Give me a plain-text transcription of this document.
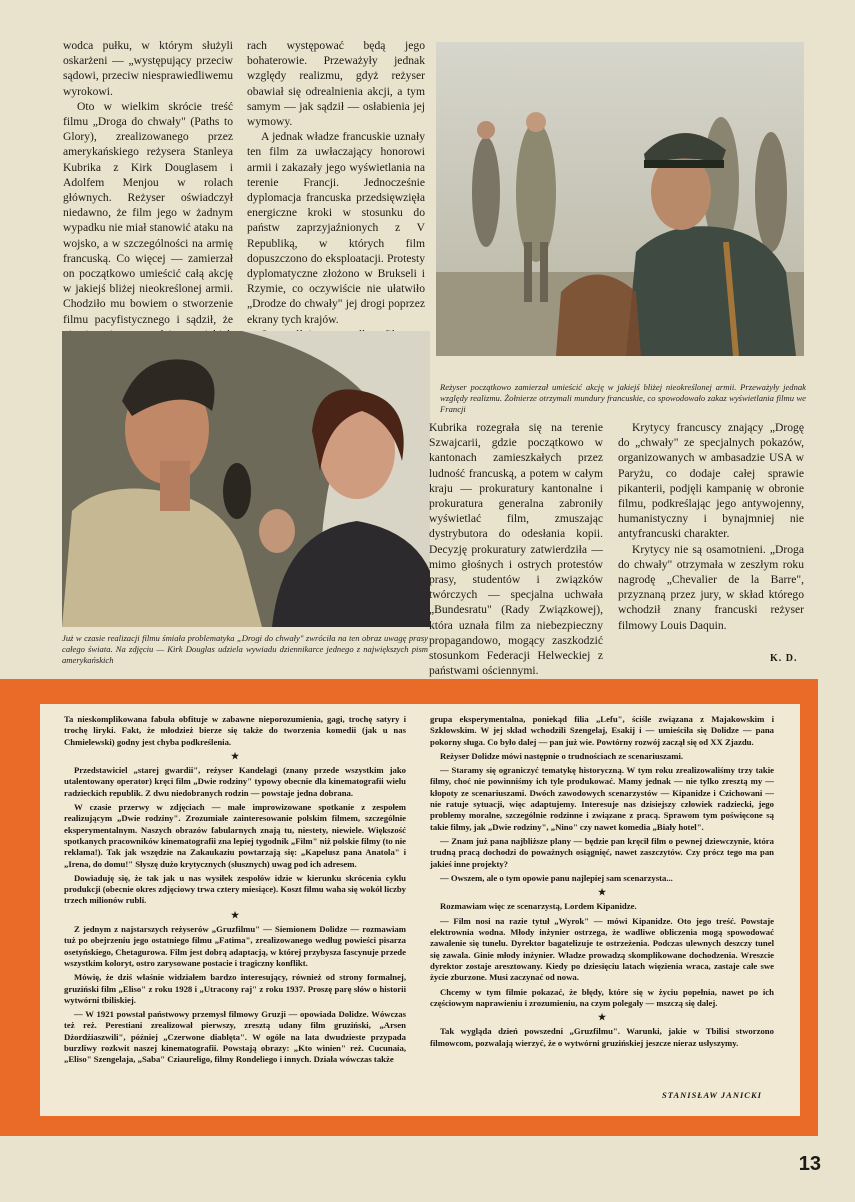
wodca pułku, w którym służyli oskarżeni — „występujący przeciw sądowi, przeciw niesprawiedliwemu wyrokowi.

Oto w wielkim skrócie treść filmu „Droga do chwały" (Paths to Glory), zrealizowanego przez amerykańskiego reżysera Stanleya Kubrika z Kirk Douglasem i Adolfem Menjou w rolach głównych. Reżyser oświadczył niedawno, że film jego w żadnym wypadku nie miał stanowić ataku na wojsko, a w szczególności na armię francuską. Co więcej — zamierzał on początkowo umieścić całą akcję w jakiejś bliżej nieokreślonej armii. Chodziło mu bowiem o stworzenie filmu pacyfistycznego i sądził, że

rach występować będą jego bohaterowie. Przeważyły jednak względy realizmu, gdyż reżyser obawiał się odrealnienia akcji, a tym samym — jak sądził — osłabienia jej wymowy.

A jednak władze francuskie uznały ten film za uwłaczający honorowi armii i zakazały jego wyświetlania na terenie Francji. Jednocześnie dyplomacja francuska przedsięwzięła energiczne kroki w stosunku do państw zaprzyjaźnionych z V Republiką, w których film dopuszczono do eksploatacji. Protesty dyplomatyczne złożono w Brukseli i Rzymie, co oczywiście nie ułatwiło „Drodze do chwały" jej drogi poprzez ekrany tych krajów.

Reżyser początkowo zamierzał umieścić akcję w jakiejś bliżej nieokreślonej armii. Przeważyły jednak względy realizmu. Żołnierze otrzymali mundury francuskie, co spowodowało zakaz wyświetlania filmu we Francji
Już w czasie realizacji filmu śmiała problematyka „Drogi do chwały" zwróciła na ten obraz uwagę prasy całego świata. Na zdjęciu — Kirk Douglas udziela wywiadu dziennikarce jednego z największych pism amerykańskich

Kubrika rozegrała się na terenie Szwajcarii, gdzie początkowo w kantonach zamieszkałych przez ludność francuską, a potem w całym kraju — prokuratury kantonalne i prokuratura generalna zabroniły wyświetlać film, zmuszając dystrybutora do odesłania kopii. Decyzję prokuratury zatwierdziła — mimo głośnych i ostrych protestów prasy, studentów i związków twórczych — specjalna uchwała „Bundesratu" (Rady Związkowej), która uznała film za niebezpieczny propagandowo, mogący zaszkodzić stosunkom Federacji Helweckiej z państwami ościennymi.

Krytycy francuscy znający „Drogę do „chwały" ze specjalnych pokazów, organizowanych w ambasadzie USA w Paryżu, co dodaje całej sprawie pikanterii, podjęli kampanię w obronie filmu, podkreślając jego antywojenny, humanistyczny i bynajmniej nie antyfrancuski charakter.

Krytycy nie są osamotnieni. „Droga do chwały" otrzymała w zeszłym roku nagrodę „Chevalier de la Barre", przyznaną przez jury, w skład którego wchodził znany francuski reżyser filmowy Louis Daquin.

K. D.

Ta nieskomplikowana fabuła obfituje w zabawne nieporozumienia, gagi, trochę satyry i trochę liryki. Fakt, że młodzież bierze się także do tworzenia komedii (jak u nas Chmielewski) godny jest chyba podkreślenia.

★

Przedstawiciel „starej gwardii", reżyser Kandelagi (znany przede wszystkim jako utalentowany operator) kręci film „Dwie rodziny" typowy obecnie dla kinematografii wielu radzieckich republik. Z dwu niedobranych rodzin — powstaje jedna dobrana.

W czasie przerwy w zdjęciach — małe improwizowane spotkanie z zespołem realizującym „Dwie rodziny". Zrozumiałe zainteresowanie polskim filmem, szczególnie eksperymentalnym. Naszych obrazów fabularnych znają tu, niestety, niewiele. Większość spotkanych pracowników kinematografii zna lepiej tygodnik „Film" niż polskie filmy (to nie reklama!). Tak jak wszędzie na Zakaukaziu powtarzają się: „Kapelusz pana Anatola" i „Irena, do domu!" Słyszę dużo krytycznych (słusznych) uwag pod ich adresem.

Dowiaduję się, że tak jak u nas wysiłek zespołów idzie w kierunku skrócenia cyklu produkcji (obecnie okres zdjęciowy trwa cztery miesiące). Koszt filmu waha się wokół liczby trzech milionów rubli.

★

Z jednym z najstarszych reżyserów „Gruzfilmu" — Siemionem Dolidze — rozmawiam tuż po obejrzeniu jego ostatniego filmu „Fatima", zrealizowanego według powieści pisarza osetyńskiego, Chetagurowa. Film jest dobrą adaptacją, w której przybysza fascynuje przede wszystkim koloryt, ostro zarysowane postacie i tragiczny konflikt.

Mówię, że dziś właśnie widziałem bardzo interesujący, również od strony formalnej, gruziński film „Eliso" z roku 1928 i „Utracony raj" z roku 1937. Proszę parę słów o historii wytwórni tbiliskiej.

— W 1921 powstał państwowy przemysł filmowy Gruzji — opowiada Dolidze. Wówczas też reż. Perestiani zrealizował pierwszy, zresztą udany film gruziński, „Arsen Dżordżiaszwili", później „Czerwone diablęta". W ogóle na lata dwudzieste przypada burzliwy rozkwit naszej kinematografii. Powstają obrazy: „Kto winien" reż. Cucunaia, „Eliso" Szengelaja, „Saba" Cziaureligo, filmy Rondeliego i innych. Działa wówczas także

grupa eksperymentalna, poniekąd filia „Lefu", ściśle związana z Majakowskim i Szklowskim. W jej skład wchodzili Szengelaj, Esakij i — umieściła się Dolidze — pana pokorny sługa. Co było dalej — pan już wie. Powtórny rozwój zaczął się od XX Zjazdu.

Reżyser Dolidze mówi następnie o trudnościach ze scenariuszami.

— Staramy się ograniczyć tematykę historyczną. W tym roku zrealizowaliśmy trzy takie filmy, choć nie powinniśmy ich tyle produkować. Mamy jednak — nie tylko zresztą my — kłopoty ze scenariuszami. Dwóch zawodowych scenarzystów — Kipanidze i Czichowani — nie ratuje sytuacji, więc adaptujemy. Interesuje nas dzisiejszy człowiek radziecki, jego problemy moralne, szczególnie rodzinne i związane z pracą. Sprawom tym poświęcone są takie filmy, jak „Dwie rodziny", „Nino" czy nawet komedia „Biały hotel".

— Znam już pana najbliższe plany — będzie pan kręcił film o pewnej dziewczynie, która trudną pracą dochodzi do poważnych osiągnięć, nawet zaszczytów. Czy prócz tego ma pan jakieś inne projekty?

— Owszem, ale o tym opowie panu najlepiej sam scenarzysta...

★

Rozmawiam więc ze scenarzystą, Lordem Kipanidze.

— Film nosi na razie tytuł „Wyrok" — mówi Kipanidze. Oto jego treść. Powstaje elektrownia wodna. Młody inżynier ostrzega, że wadliwe obliczenia mogą spowodować zawalenie się tunelu. Dyrektor bagatelizuje te ostrzeżenia. Podczas ulewnych deszczy tunel się zawala. Ginie młody inżynier. Władze prowadzą skomplikowane dochodzenia. Wreszcie dyrektor zostaje aresztowany. Kiedy po dziesięciu latach więzienia wraca, zastaje całe swe życie zburzone. Musi zaczynać od nowa.

Chcemy w tym filmie pokazać, że błędy, które się w życiu popełnia, nawet po ich częściowym naprawieniu i zrozumieniu, na czym polegały — mszczą się dalej.

★

Tak wygląda dzień powszedni „Gruzfilmu". Warunki, jakie w Tbilisi stworzono filmowcom, pozwalają wierzyć, że o wytwórni gruzińskiej jeszcze nieraz usłyszymy.

STANISŁAW JANICKI
13
